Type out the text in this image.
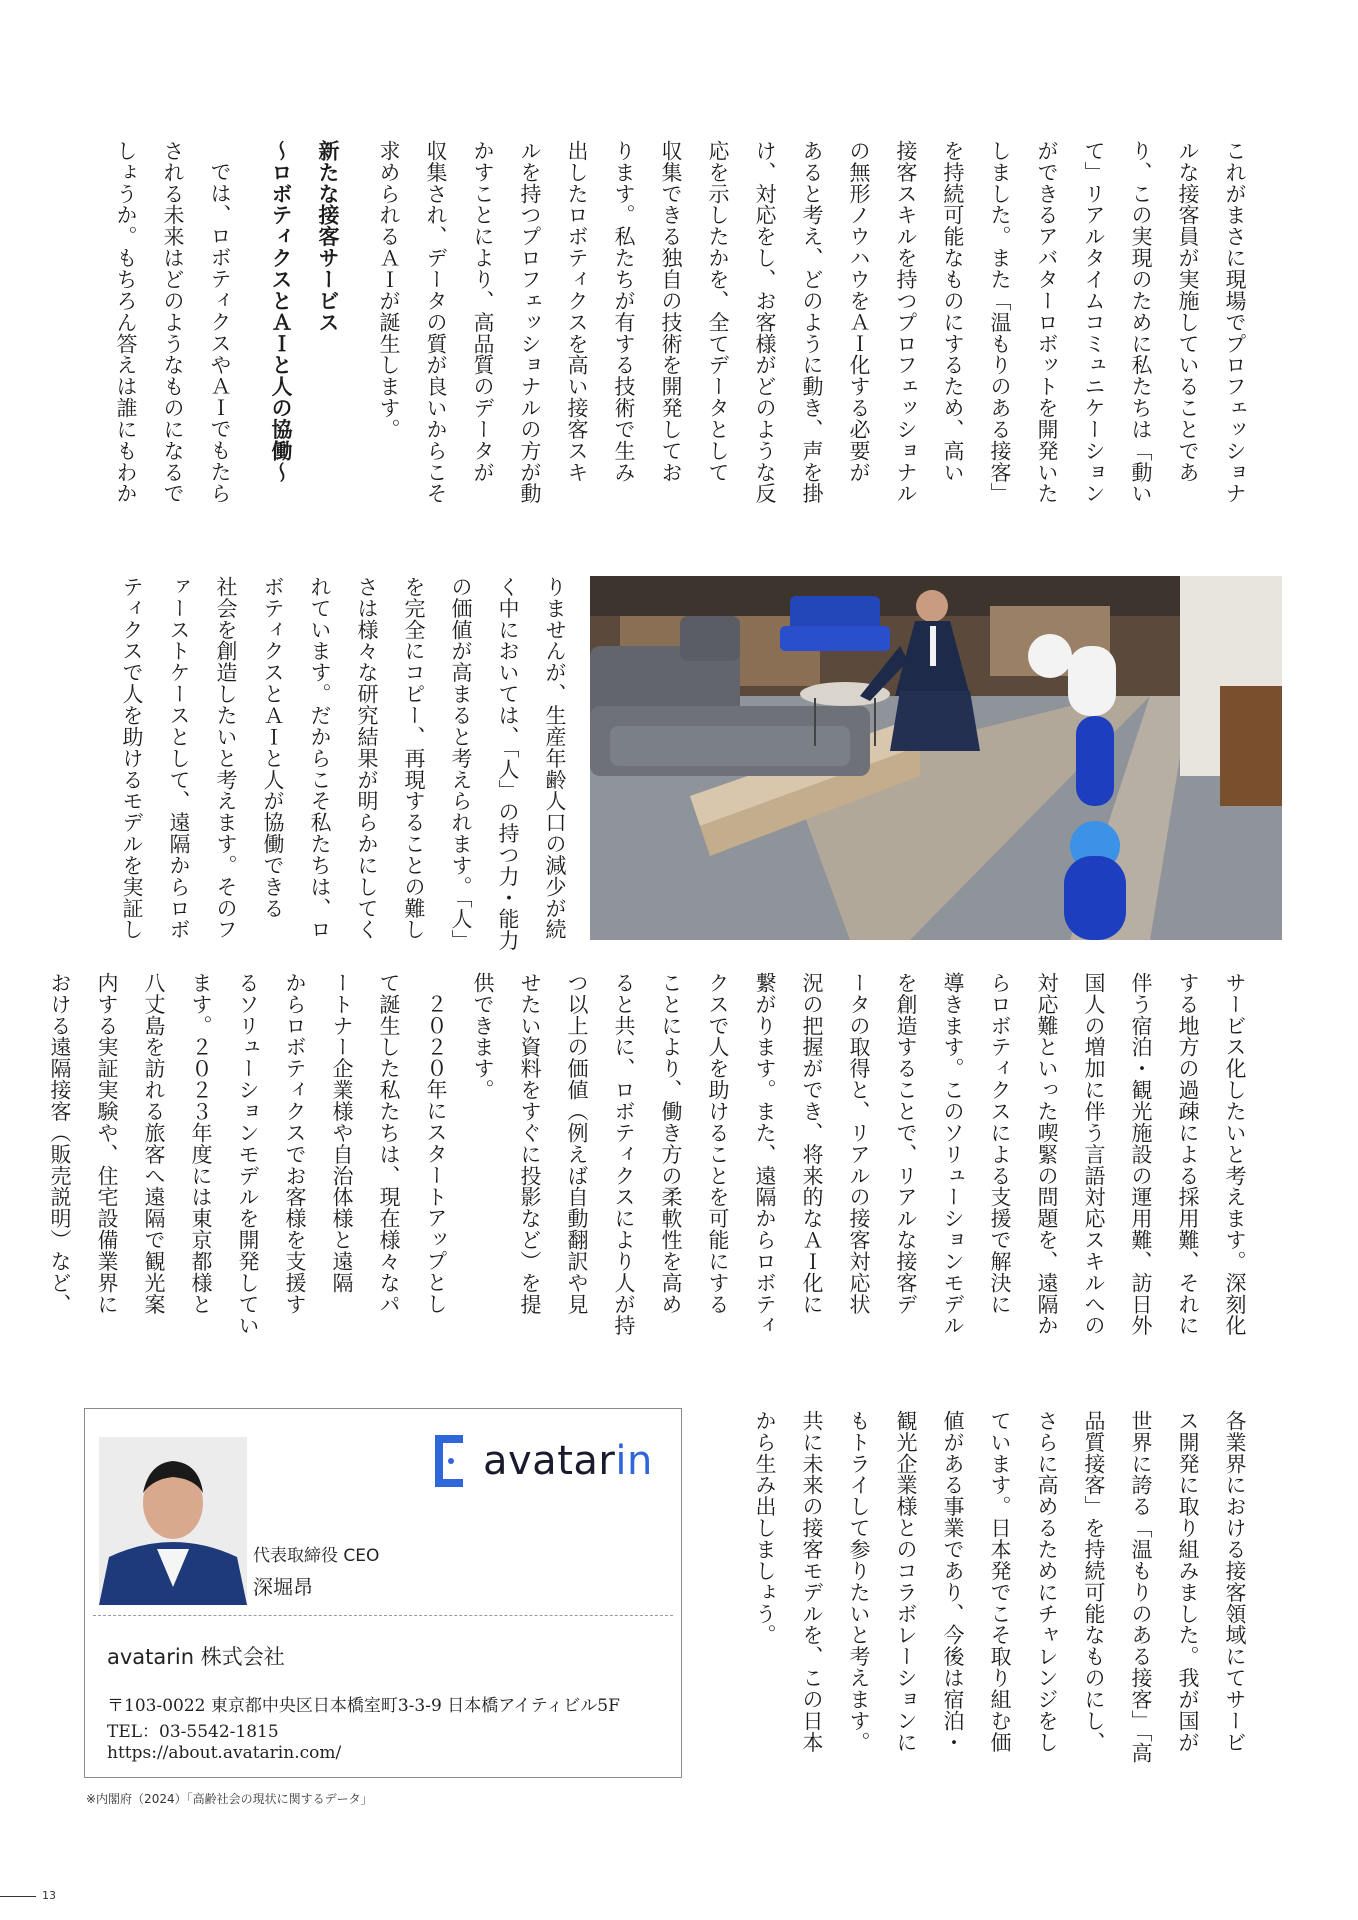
これがまさに現場でプロフェッショナ

ルな接客員が実施していることであ

り、この実現のために私たちは「動い

て」リアルタイムコミュニケーション

ができるアバターロボットを開発いた

しました。また「温もりのある接客」

を持続可能なものにするため、高い

接客スキルを持つプロフェッショナル

の無形ノウハウをＡＩ化する必要が

あると考え、どのように動き、声を掛

け、対応をし、お客様がどのような反

応を示したかを、全てデータとして

収集できる独自の技術を開発してお

ります。私たちが有する技術で生み

出したロボティクスを高い接客スキ

ルを持つプロフェッショナルの方が動

かすことにより、高品質のデータが

収集され、データの質が良いからこそ

求められるＡＩが誕生します。

新たな接客サービス

～ロボティクスとＡＩと人の協働～

では、ロボティクスやＡＩでもたら

される未来はどのようなものになるで

しょうか。もちろん答えは誰にもわか

りませんが、生産年齢人口の減少が続

く中においては、「人」の持つ力・能力

の価値が高まると考えられます。「人」

を完全にコピー、再現することの難し

さは様々な研究結果が明らかにしてく

れています。だからこそ私たちは、ロ

ボティクスとＡＩと人が協働できる

社会を創造したいと考えます。そのフ

ァーストケースとして、遠隔からロボ

ティクスで人を助けるモデルを実証し

サービス化したいと考えます。深刻化

する地方の過疎による採用難、それに

伴う宿泊・観光施設の運用難、訪日外

国人の増加に伴う言語対応スキルへの

対応難といった喫緊の問題を、遠隔か

らロボティクスによる支援で解決に

導きます。このソリューションモデル

を創造することで、リアルな接客デ

ータの取得と、リアルの接客対応状

況の把握ができ、将来的なＡＩ化に

繋がります。また、遠隔からロボティ

クスで人を助けることを可能にする

ことにより、働き方の柔軟性を高め

ると共に、ロボティクスにより人が持

つ以上の価値（例えば自動翻訳や見

せたい資料をすぐに投影など）を提

供できます。

２０２０年にスタートアップとし

て誕生した私たちは、現在様々なパ

ートナー企業様や自治体様と遠隔

からロボティクスでお客様を支援す

るソリューションモデルを開発してい

ます。２０２３年度には東京都様と

八丈島を訪れる旅客へ遠隔で観光案

内する実証実験や、住宅設備業界に

おける遠隔接客（販売説明）など、

各業界における接客領域にてサービ

ス開発に取り組みました。我が国が

世界に誇る「温もりのある接客」「高

品質接客」を持続可能なものにし、

さらに高めるためにチャレンジをし

ています。日本発でこそ取り組む価

値がある事業であり、今後は宿泊・

観光企業様とのコラボレーションに

もトライして参りたいと考えます。

共に未来の接客モデルを、この日本

から生み出しましょう。

avatarin
代表取締役 CEO
深堀昂
avatarin 株式会社
〒103-0022 東京都中央区日本橋室町3-3-9 日本橋アイティビル5F
TEL：03-5542-1815
https://about.avatarin.com/
※内閣府（2024）「高齢社会の現状に関するデータ」
13
